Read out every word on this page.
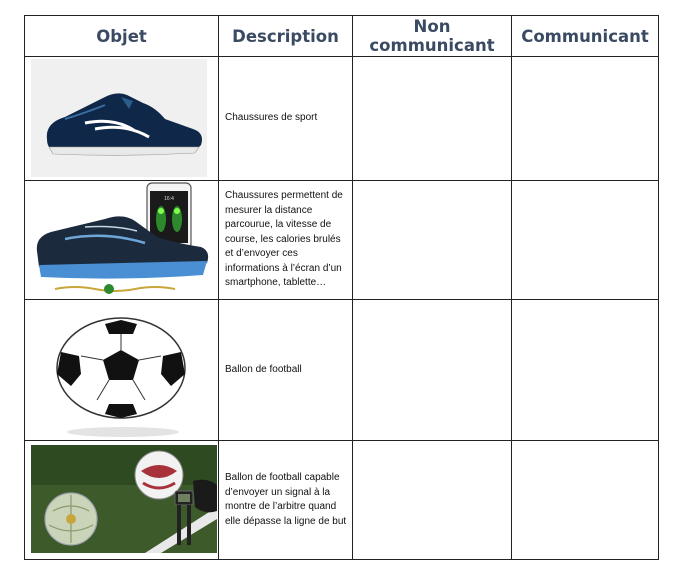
Objet	Description	Non communicant	Communicant

	Chaussures de sport		

16:4	Chaussures permettent de mesurer la distance parcourue, la vitesse de course, les calories brulés et d’envoyer ces informations à l’écran d’un smartphone, tablette…		

	Ballon de football		

	Ballon de football capable d’envoyer un signal à la montre de l’arbitre quand elle dépasse la ligne de but		
